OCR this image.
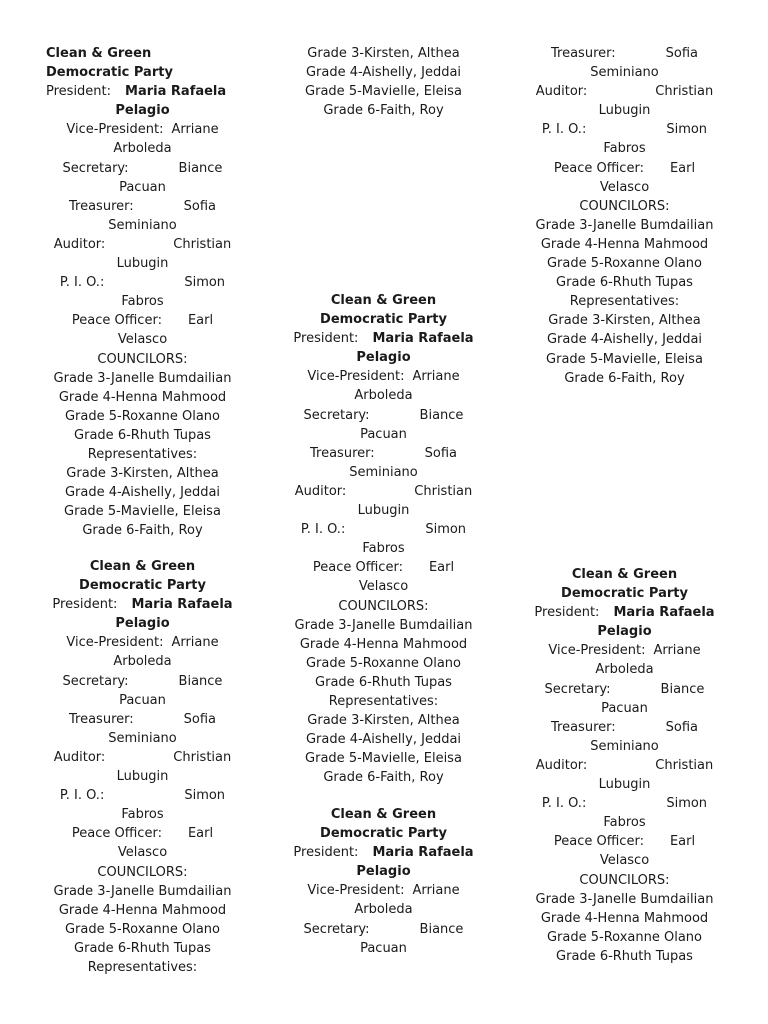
Clean & Green
Democratic Party
President: Maria Rafaela
Pelagio
Vice-President: Arriane
Arboleda
Secretary:	Biance
Pacuan
Treasurer:	Sofia
Seminiano
Auditor:	Christian
Lubugin
P. I. O.:	Simon
Fabros
Peace Officer: Earl
Velasco
COUNCILORS:
Grade 3-Janelle Bumdailian
Grade 4-Henna Mahmood
Grade 5-Roxanne Olano
Grade 6-Rhuth Tupas
Representatives:
Grade 3-Kirsten, Althea
Grade 4-Aishelly, Jeddai
Grade 5-Mavielle, Eleisa
Grade 6-Faith, Roy
Clean & Green
Democratic Party
President: Maria Rafaela
Pelagio
Vice-President: Arriane
Arboleda
Secretary:	Biance
Pacuan
Treasurer:	Sofia
Seminiano
Auditor:	Christian
Lubugin
P. I. O.:	Simon
Fabros
Peace Officer: Earl
Velasco
COUNCILORS:
Grade 3-Janelle Bumdailian
Grade 4-Henna Mahmood
Grade 5-Roxanne Olano
Grade 6-Rhuth Tupas
Representatives:
Grade 3-Kirsten, Althea
Grade 4-Aishelly, Jeddai
Grade 5-Mavielle, Eleisa
Grade 6-Faith, Roy
Clean & Green
Democratic Party
President: Maria Rafaela
Pelagio
Vice-President: Arriane
Arboleda
Secretary:	Biance
Pacuan
Treasurer:	Sofia
Seminiano
Auditor:	Christian
Lubugin
P. I. O.:	Simon
Fabros
Peace Officer: Earl
Velasco
COUNCILORS:
Grade 3-Janelle Bumdailian
Grade 4-Henna Mahmood
Grade 5-Roxanne Olano
Grade 6-Rhuth Tupas
Representatives:
Grade 3-Kirsten, Althea
Grade 4-Aishelly, Jeddai
Grade 5-Mavielle, Eleisa
Grade 6-Faith, Roy
Clean & Green
Democratic Party
President: Maria Rafaela
Pelagio
Vice-President: Arriane
Arboleda
Secretary:	Biance
Pacuan
Treasurer:	Sofia
Seminiano
Auditor:	Christian
Lubugin
P. I. O.:	Simon
Fabros
Peace Officer: Earl
Velasco
COUNCILORS:
Grade 3-Janelle Bumdailian
Grade 4-Henna Mahmood
Grade 5-Roxanne Olano
Grade 6-Rhuth Tupas
Representatives:
Grade 3-Kirsten, Althea
Grade 4-Aishelly, Jeddai
Grade 5-Mavielle, Eleisa
Grade 6-Faith, Roy
Clean & Green
Democratic Party
President: Maria Rafaela
Pelagio
Vice-President: Arriane
Arboleda
Secretary:	Biance
Pacuan
Treasurer:	Sofia
Seminiano
Auditor:	Christian
Lubugin
P. I. O.:	Simon
Fabros
Peace Officer: Earl
Velasco
COUNCILORS:
Grade 3-Janelle Bumdailian
Grade 4-Henna Mahmood
Grade 5-Roxanne Olano
Grade 6-Rhuth Tupas
